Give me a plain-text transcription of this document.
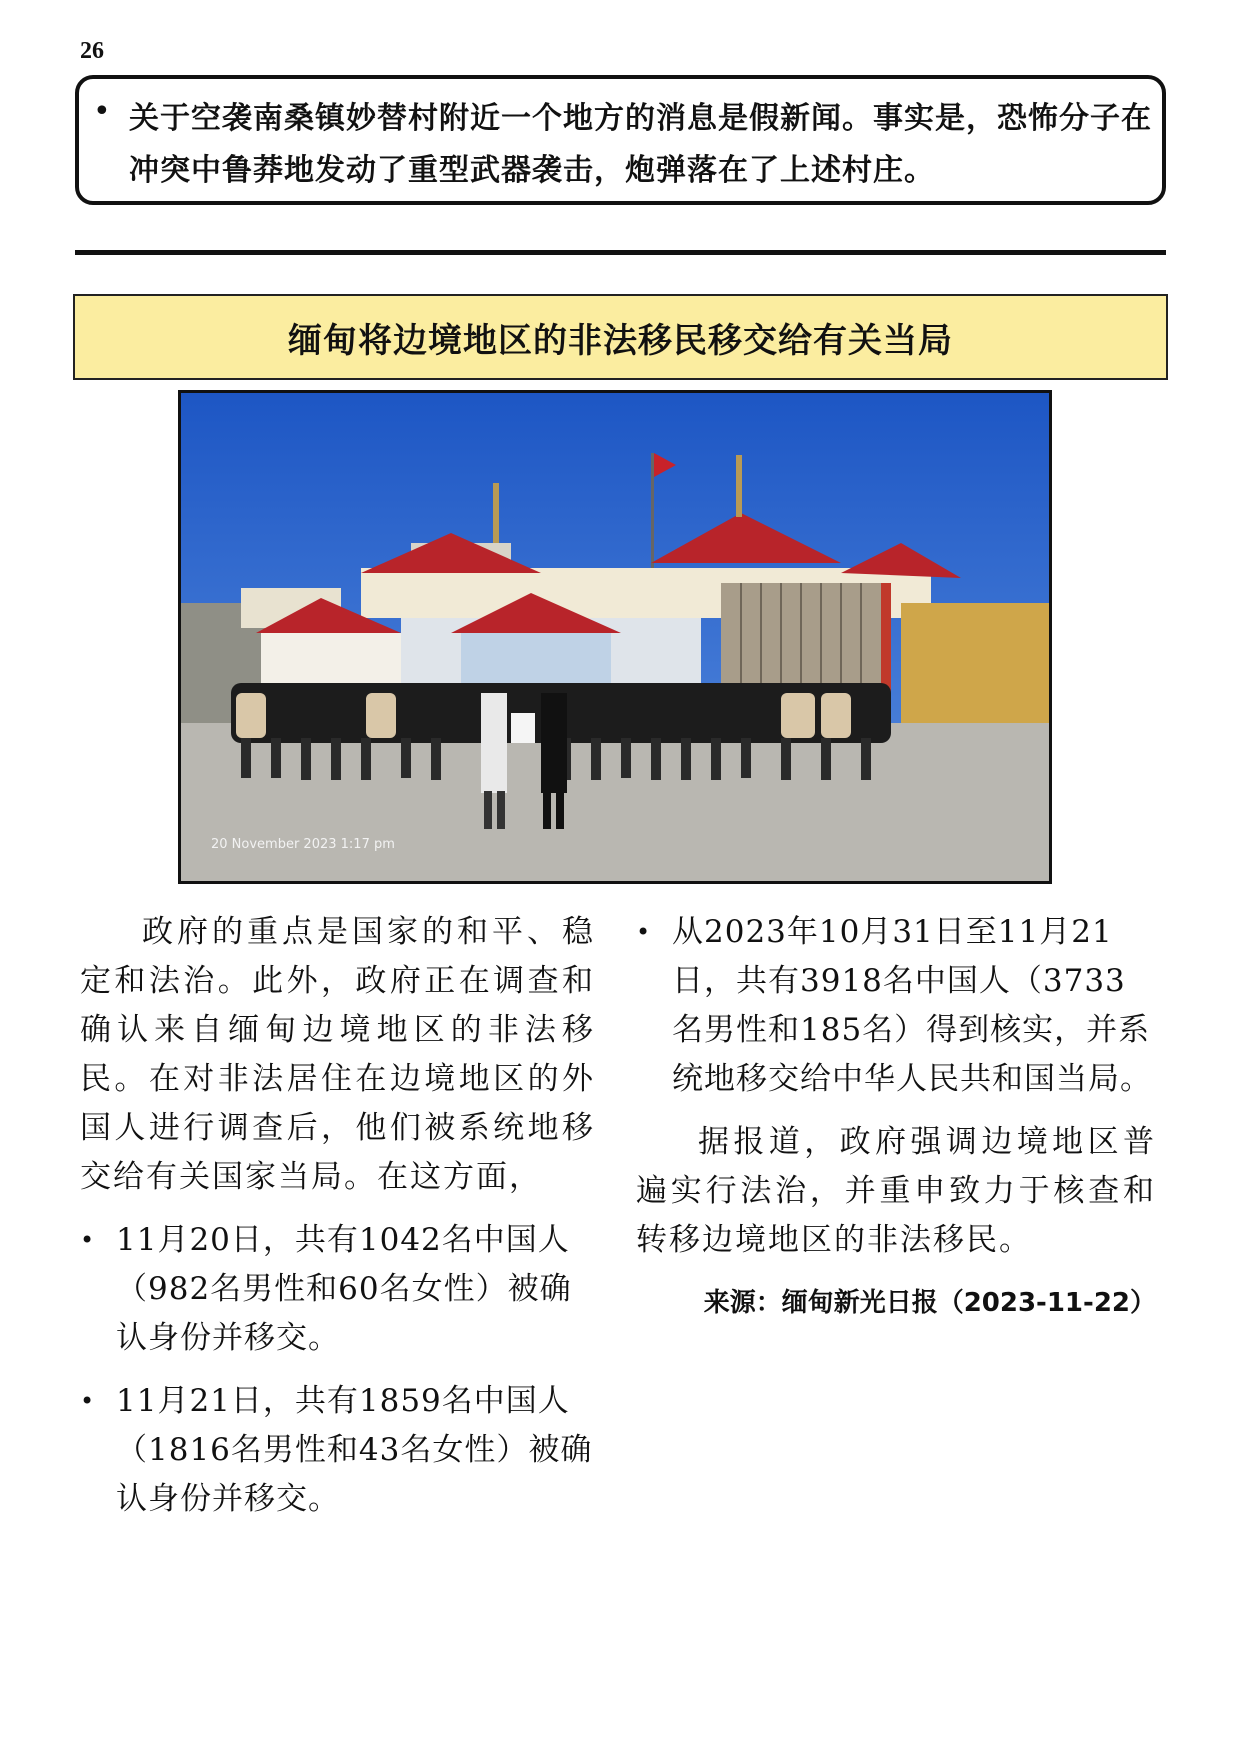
26
• 关于空袭南桑镇妙替村附近一个地方的消息是假新闻。事实是，恐怖分子在冲突中鲁莽地发动了重型武器袭击，炮弹落在了上述村庄。
缅甸将边境地区的非法移民移交给有关当局
20 November 2023 1:17 pm

政府的重点是国家的和平、稳定和法治。此外，政府正在调查和确认来自缅甸边境地区的非法移民。在对非法居住在边境地区的外国人进行调查后，他们被系统地移交给有关国家当局。在这方面，

• 11月20日，共有1042名中国人（982名男性和60名女性）被确认身份并移交。

• 11月21日，共有1859名中国人（1816名男性和43名女性）被确认身份并移交。

• 从2023年10月31日至11月21日，共有3918名中国人（3733名男性和185名）得到核实，并系统地移交给中华人民共和国当局。

据报道，政府强调边境地区普遍实行法治，并重申致力于核查和转移边境地区的非法移民。

来源：缅甸新光日报（2023-11-22）
